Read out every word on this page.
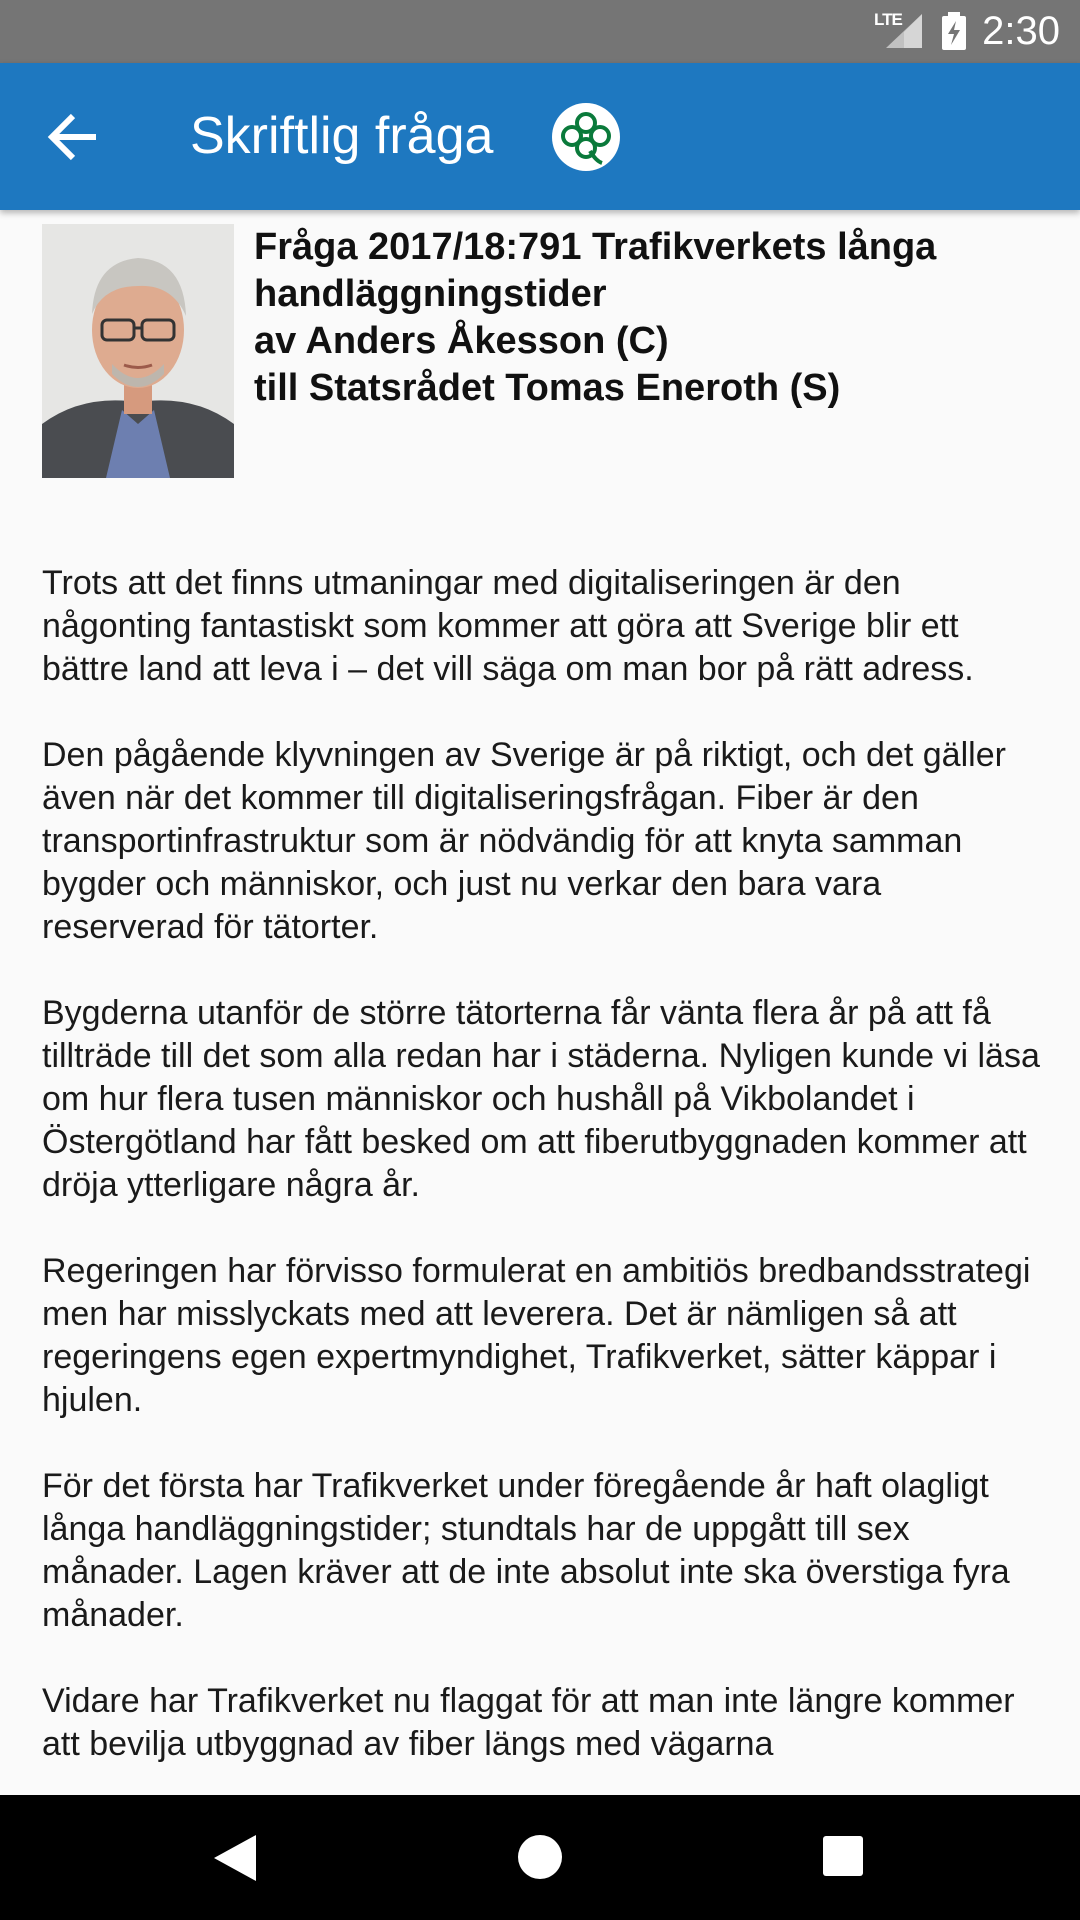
LTE 2:30
Skriftlig fråga
Fråga 2017/18:791 Trafikverkets långa
handläggningstider
av Anders Åkesson (C)
till Statsrådet Tomas Eneroth (S)

Trots att det finns utmaningar med digitaliseringen är den någonting fantastiskt som kommer att göra att Sverige blir ett bättre land att leva i – det vill säga om man bor på rätt adress.

Den pågående klyvningen av Sverige är på riktigt, och det gäller även när det kommer till digitaliseringsfrågan. Fiber är den transportinfrastruktur som är nödvändig för att knyta samman bygder och människor, och just nu verkar den bara vara reserverad för tätorter.

Bygderna utanför de större tätorterna får vänta flera år på att få tillträde till det som alla redan har i städerna. Nyligen kunde vi läsa om hur flera tusen människor och hushåll på Vikbolandet i Östergötland har fått besked om att fiberutbyggnaden kommer att dröja ytterligare några år.

Regeringen har förvisso formulerat en ambitiös bredbandsstrategi men har misslyckats med att leverera. Det är nämligen så att regeringens egen expertmyndighet, Trafikverket, sätter käppar i hjulen.

För det första har Trafikverket under föregående år haft olagligt långa handläggningstider; stundtals har de uppgått till sex månader. Lagen kräver att de inte absolut inte ska överstiga fyra månader.

Vidare har Trafikverket nu flaggat för att man inte längre kommer att bevilja utbyggnad av fiber längs med vägarna
